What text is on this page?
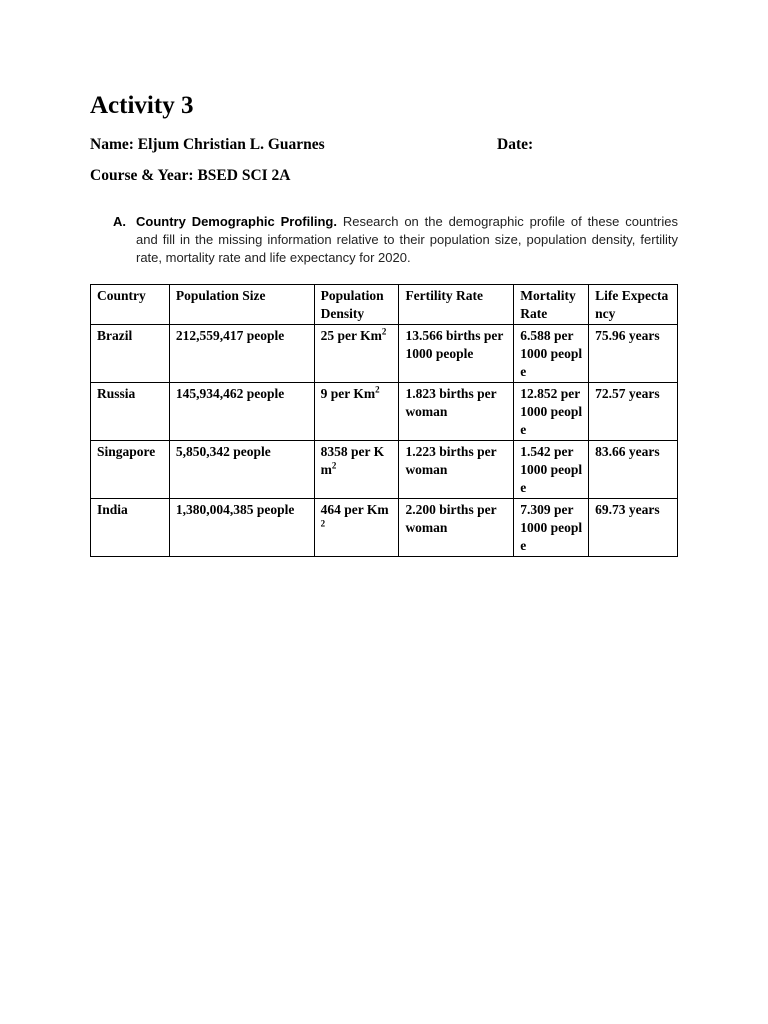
Activity 3

Name: Eljum Christian L. Guarnes	Date:

Course & Year: BSED SCI 2A

A. Country Demographic Profiling. Research on the demographic profile of these countries and fill in the missing information relative to their population size, population density, fertility rate, mortality rate and life expectancy for 2020.
Country	Population Size	Population Density	Fertility Rate	Mortality Rate	Life Expectancy
Brazil	212,559,417 people	25 per Km$^2$	13.566 births per 1000 people	6.588 per 1000 people	75.96 years
Russia	145,934,462 people	9 per Km$^2$	1.823 births per woman	12.852 per 1000 people	72.57 years
Singapore	5,850,342 people	8358 per Km$^2$	1.223 births per woman	1.542 per 1000 people	83.66 years
India	1,380,004,385 people	464 per Km$^2$	2.200 births per woman	7.309 per 1000 people	69.73 years
